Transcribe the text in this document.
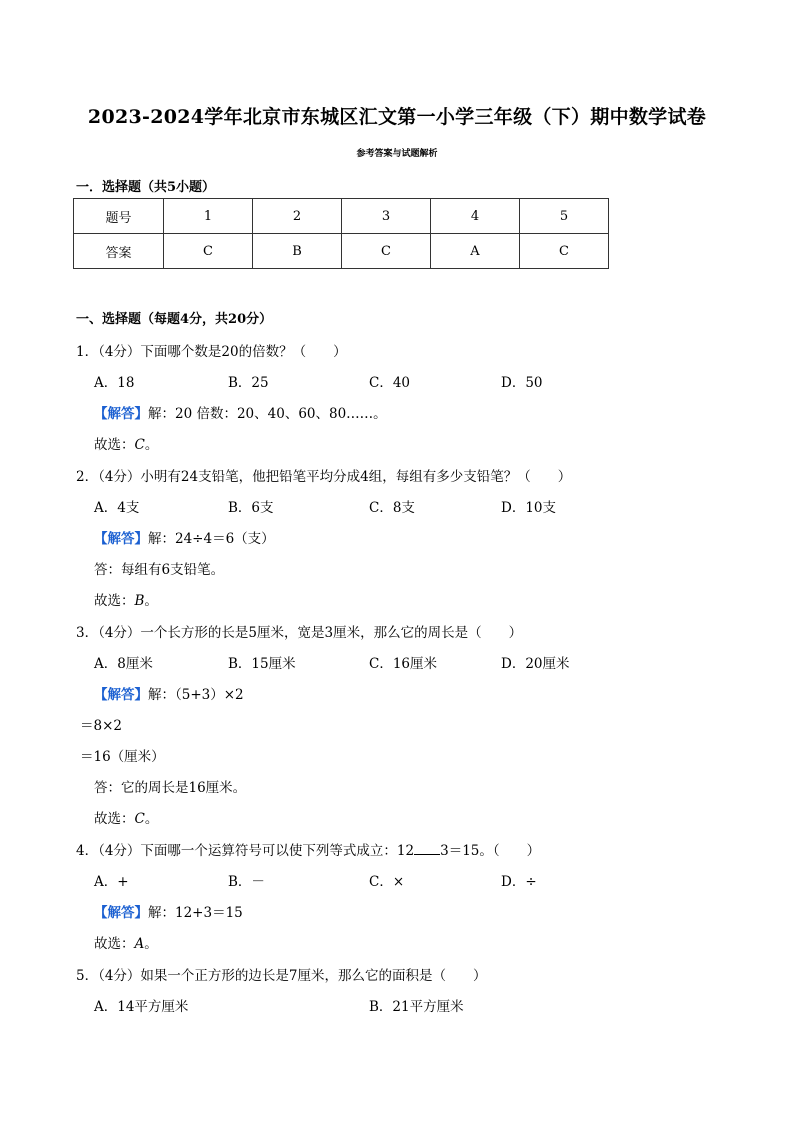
2023-2024学年北京市东城区汇文第一小学三年级（下）期中数学试卷
参考答案与试题解析
一．选择题（共5小题）
题号	1	2	3	4	5
答案	C	B	C	A	C
一、选择题（每题4分，共20分）
1．（4分）下面哪个数是20的倍数？（　　）
A．18	B．25	C．40	D．50
【解答】解：20 倍数：20、40、60、80……。
故选：C。
2．（4分）小明有24支铅笔，他把铅笔平均分成4组，每组有多少支铅笔？（　　）
A．4支	B．6支	C．8支	D．10支
【解答】解：24÷4＝6（支）
答：每组有6支铅笔。
故选：B。
3．（4分）一个长方形的长是5厘米，宽是3厘米，那么它的周长是（　　）
A．8厘米	B．15厘米	C．16厘米	D．20厘米
【解答】解：（5+3）×2
＝8×2
＝16（厘米）
答：它的周长是16厘米。
故选：C。
4．（4分）下面哪一个运算符号可以使下列等式成立：12 3＝15。（　　）
A．+	B．－	C．×	D．÷
【解答】解：12+3＝15
故选：A。
5．（4分）如果一个正方形的边长是7厘米，那么它的面积是（　　）
A．14平方厘米	B．21平方厘米
